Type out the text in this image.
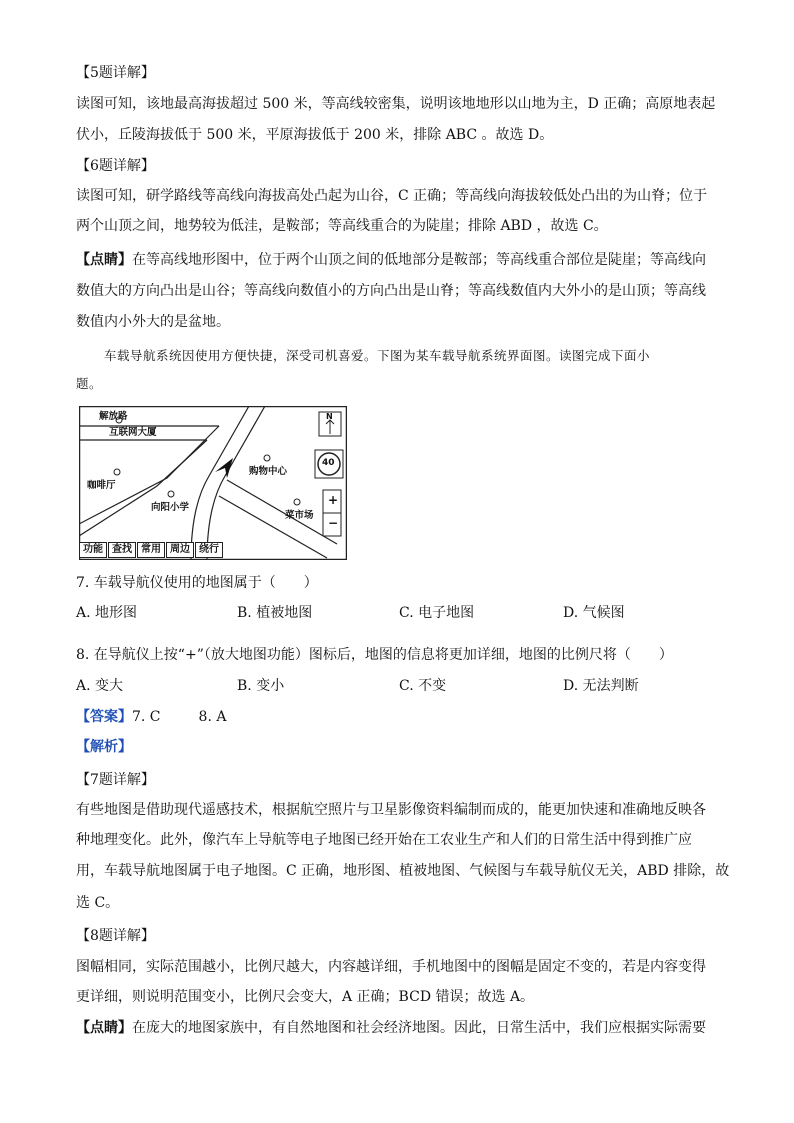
【5题详解】
读图可知，该地最高海拔超过 500 米，等高线较密集，说明该地地形以山地为主，D 正确；高原地表起
伏小，丘陵海拔低于 500 米，平原海拔低于 200 米，排除 ABC 。故选 D。
【6题详解】
读图可知，研学路线等高线向海拔高处凸起为山谷，C 正确；等高线向海拔较低处凸出的为山脊；位于
两个山顶之间，地势较为低洼，是鞍部；等高线重合的为陡崖；排除 ABD ，故选 C。
【点睛】在等高线地形图中，位于两个山顶之间的低地部分是鞍部；等高线重合部位是陡崖；等高线向
数值大的方向凸出是山谷；等高线向数值小的方向凸出是山脊；等高线数值内大外小的是山顶；等高线
数值内小外大的是盆地。
车载导航系统因使用方便快捷，深受司机喜爱。下图为某车载导航系统界面图。读图完成下面小
题。
解放路
互联网大厦
咖啡厅
向阳小学
购物中心
菜市场
N
40
+
−
功能 查找 常用 周边 绕行
7. 车载导航仪使用的地图属于（　　）
A. 地形图	B. 植被地图	C. 电子地图	D. 气候图
8. 在导航仪上按“+”（放大地图功能）图标后，地图的信息将更加详细，地图的比例尺将（　　）
A. 变大	B. 变小	C. 不变	D. 无法判断
【答案】7. C	8. A
【解析】
【7题详解】
有些地图是借助现代遥感技术，根据航空照片与卫星影像资料编制而成的，能更加快速和准确地反映各
种地理变化。此外，像汽车上导航等电子地图已经开始在工农业生产和人们的日常生活中得到推广应
用，车载导航地图属于电子地图。C 正确，地形图、植被地图、气候图与车载导航仪无关，ABD 排除，故
选 C。
【8题详解】
图幅相同，实际范围越小，比例尺越大，内容越详细，手机地图中的图幅是固定不变的，若是内容变得
更详细，则说明范围变小，比例尺会变大，A 正确；BCD 错误；故选 A。
【点睛】在庞大的地图家族中，有自然地图和社会经济地图。因此，日常生活中，我们应根据实际需要
